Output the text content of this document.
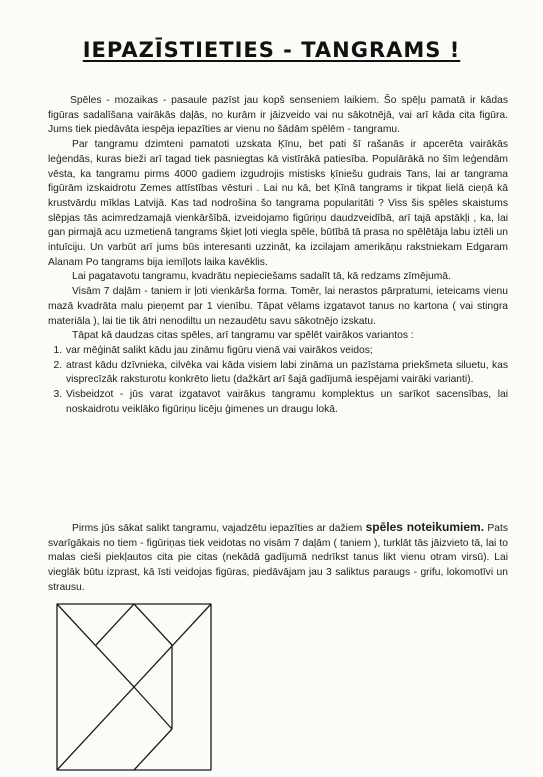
IEPAZĪSTIETIES - TANGRAMS !

Spēles - mozaikas - pasaule pazīst jau kopš senseniem laikiem. Šo spēļu pamatā ir kādas figūras sadalīšana vairākās daļās, no kurām ir jāizveido vai nu sākotnējā, vai arī kāda cita figūra. Jums tiek piedāvāta iespēja iepazīties ar vienu no šādām spēlēm - tangramu.

Par tangramu dzimteni pamatoti uzskata Ķīnu, bet pati šī rašanās ir apcerēta vairākās leģendās, kuras bieži arī tagad tiek pasniegtas kā vistīrākā patiesība. Populārākā no šīm leģendām vēsta, ka tangramu pirms 4000 gadiem izgudrojis mistisks ķīniešu gudrais Tans, lai ar tangrama figūrām izskaidrotu Zemes attīstības vēsturi . Lai nu kā, bet Ķīnā tangrams ir tikpat lielā cieņā kā krustvārdu mīklas Latvijā. Kas tad nodrošina šo tangrama popularitāti ? Viss šis spēles skaistums slēpjas tās acimredzamajā vienkāršībā, izveidojamo figūriņu daudzveidībā, arī tajā apstākļi , ka, lai gan pirmajā acu uzmetienā tangrams šķiet ļoti viegla spēle, būtībā tā prasa no spēlētāja labu iztēli un intuīciju. Un varbūt arī jums būs interesanti uzzināt, ka izcilajam amerikāņu rakstniekam Edgaram Alanam Po tangrams bija iemīļots laika kavēklis.

Lai pagatavotu tangramu, kvadrātu nepieciešams sadalīt tā, kā redzams zīmējumā.

Visām 7 daļām - taniem ir ļoti vienkārša forma. Tomēr, lai nerastos pārpratumi, ieteicams vienu mazā kvadrāta malu pieņemt par 1 vienību. Tāpat vēlams izgatavot tanus no kartona ( vai stingra materiāla ), lai tie tik ātri nenodiltu un nezaudētu savu sākotnējo izskatu.

Tāpat kā daudzas citas spēles, arī tangramu var spēlēt vairākos variantos :

1. var mēģināt salikt kādu jau zināmu figūru vienā vai vairākos veidos;
2. atrast kādu dzīvnieka, cilvēka vai kāda visiem labi zināma un pazīstama priekšmeta siluetu, kas visprecīzāk raksturotu konkrēto lietu (dažkārt arī šajā gadījumā iespējami vairāki varianti).
3. Visbeidzot - jūs varat izgatavot vairākus tangramu komplektus un sarīkot sacensības, lai noskaidrotu veiklāko figūriņu licēju ģimenes un draugu lokā.

Pirms jūs sākat salikt tangramu, vajadzētu iepazīties ar dažiem spēles noteikumiem. Pats svarīgākais no tiem - figūriņas tiek veidotas no visām 7 daļām ( taniem ), turklāt tās jāizvieto tā, lai to malas cieši piekļautos cita pie citas (nekādā gadījumā nedrīkst tanus likt vienu otram virsū). Lai vieglāk būtu izprast, kā īsti veidojas figūras, piedāvājam jau 3 saliktus paraugs - grifu, lokomotīvi un strausu.
